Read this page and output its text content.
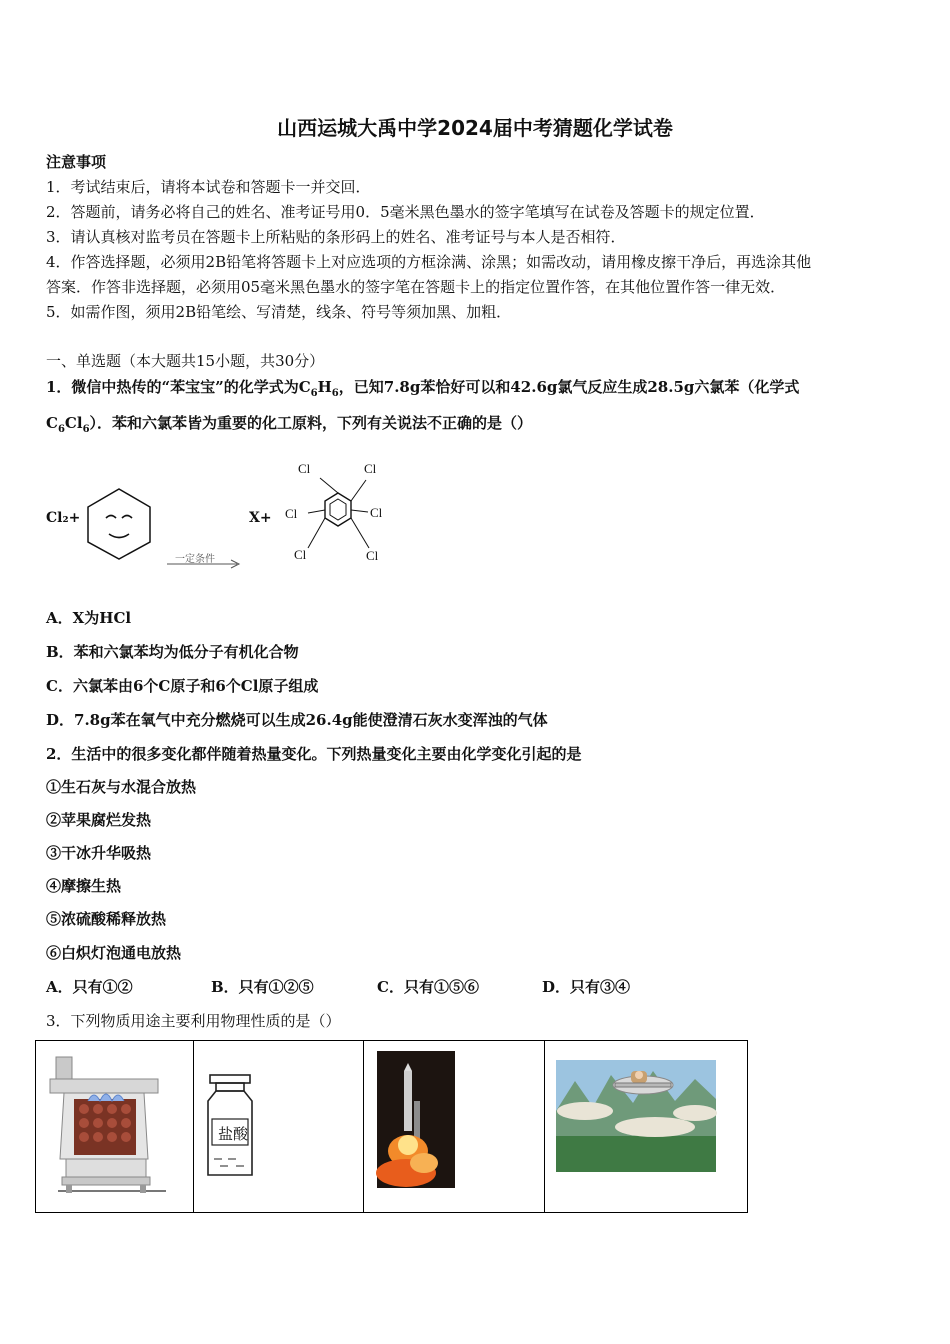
山西运城大禹中学2024届中考猜题化学试卷
注意事项
1．考试结束后，请将本试卷和答题卡一并交回．
2．答题前，请务必将自己的姓名、准考证号用0．5毫米黑色墨水的签字笔填写在试卷及答题卡的规定位置．
3．请认真核对监考员在答题卡上所粘贴的条形码上的姓名、准考证号与本人是否相符．
4．作答选择题，必须用2B铅笔将答题卡上对应选项的方框涂满、涂黑；如需改动，请用橡皮擦干净后，再选涂其他
答案．作答非选择题，必须用05毫米黑色墨水的签字笔在答题卡上的指定位置作答，在其他位置作答一律无效．
5．如需作图，须用2B铅笔绘、写清楚，线条、符号等须加黑、加粗．
一、单选题（本大题共15小题，共30分）
1．微信中热传的“苯宝宝”的化学式为$C_6H_6$，已知7.8g苯恰好可以和42.6g氯气反应生成28.5g六氯苯（化学式
$C_6Cl_6$）．苯和六氯苯皆为重要的化工原料，下列有关说法不正确的是（）
Cl₂+
一定条件
X+
Cl	Cl
Cl	Cl
Cl	Cl
A．X为HCl
B．苯和六氯苯均为低分子有机化合物
C．六氯苯由6个C原子和6个Cl原子组成
D．7.8g苯在氧气中充分燃烧可以生成26.4g能使澄清石灰水变浑浊的气体
2．生活中的很多变化都伴随着热量变化。下列热量变化主要由化学变化引起的是
①生石灰与水混合放热
②苹果腐烂发热
③干冰升华吸热
④摩擦生热
⑤浓硫酸稀释放热
⑥白炽灯泡通电放热
A．只有①②	B．只有①②⑤	C．只有①⑤⑥	D．只有③④
3．下列物质用途主要利用物理性质的是（）
盐酸
